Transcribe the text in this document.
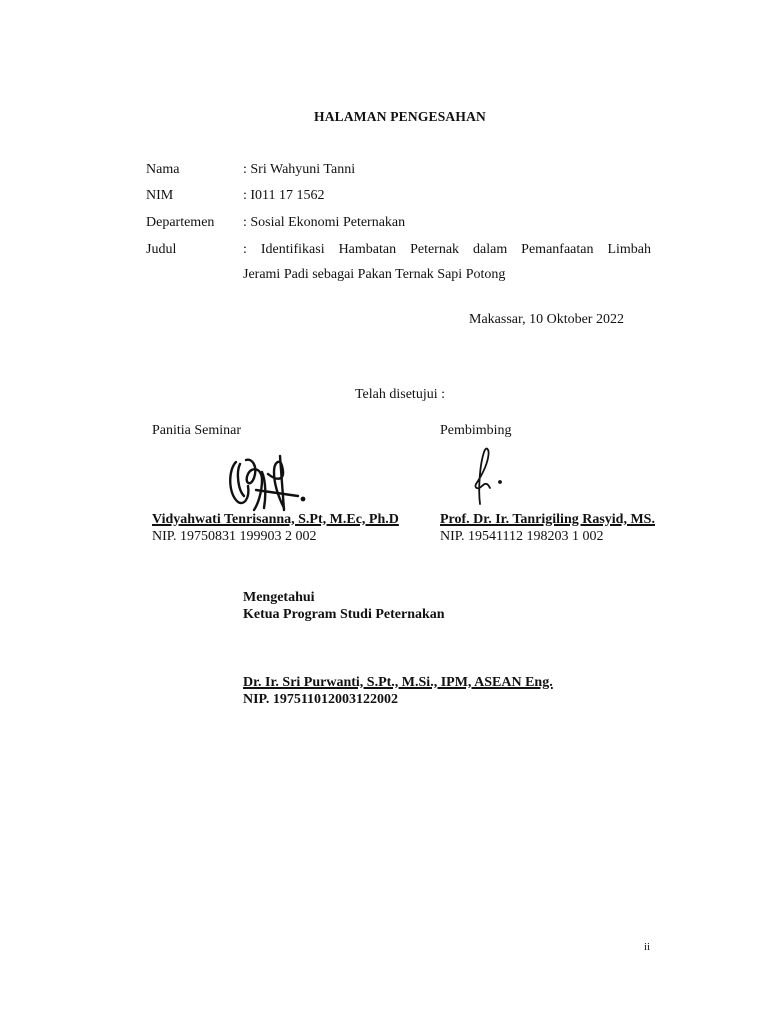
HALAMAN PENGESAHAN
Nama	: Sri Wahyuni Tanni
NIM	: I011 17 1562
Departemen : Sosial Ekonomi Peternakan
Judul	: Identifikasi Hambatan Peternak dalam Pemanfaatan Limbah
Jerami Padi sebagai Pakan Ternak Sapi Potong
Makassar, 10 Oktober 2022
Telah disetujui :
Panitia Seminar
Vidyahwati Tenrisanna, S.Pt, M.Ec, Ph.D
NIP. 19750831 199903 2 002
Pembimbing
Prof. Dr. Ir. Tanrigiling Rasyid, MS.
NIP. 19541112 198203 1 002
Mengetahui
Ketua Program Studi Peternakan
Dr. Ir. Sri Purwanti, S.Pt., M.Si., IPM, ASEAN Eng.
NIP. 197511012003122002
ii
